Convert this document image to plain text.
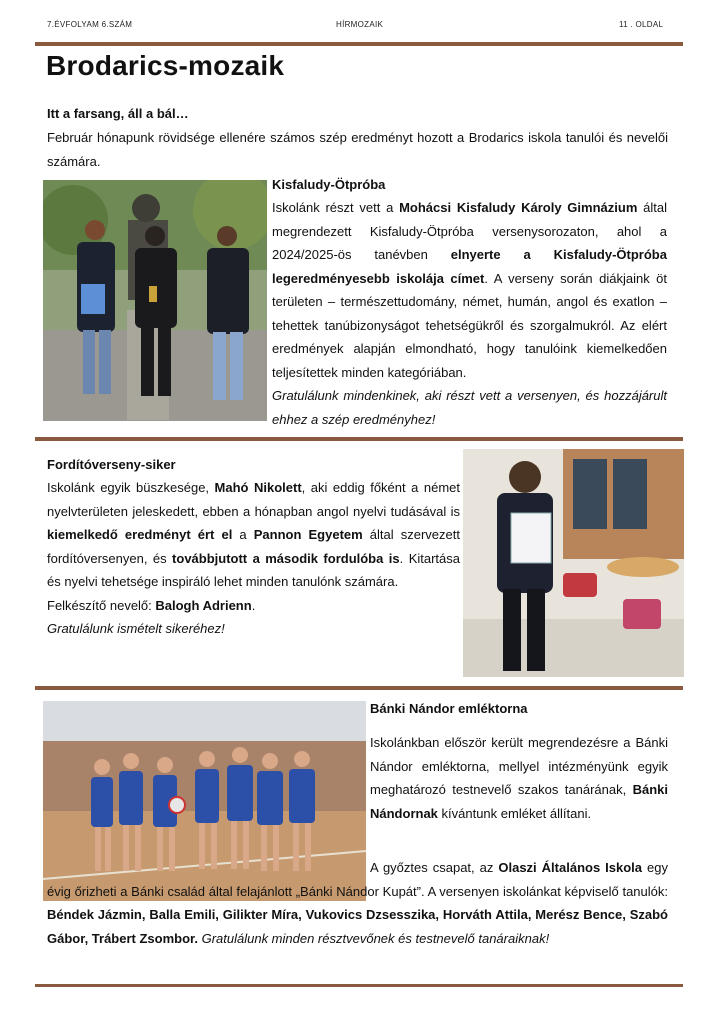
7.ÉVFOLYAM 6.SZÁM	HÍRMOZAIK	11 . OLDAL
Brodarics-mozaik
Itt a farsang, áll a bál…
Február hónapunk rövidsége ellenére számos szép eredményt hozott a Brodarics iskola tanulói és nevelői számára.
Kisfaludy-Ötpróba
Iskolánk részt vett a Mohácsi Kisfaludy Károly Gimnázium által megrendezett Kisfaludy-Ötpróba versenysorozaton, ahol a 2024/2025-ös tanévben elnyerte a Kisfaludy-Ötpróba legeredményesebb iskolája címet. A verseny során diákjaink öt területen – természettudomány, német, humán, angol és exatlon – tehettek tanúbizonyságot tehetségükről és szorgalmukról. Az elért eredmények alapján elmondható, hogy tanulóink kiemelkedően teljesítettek minden kategóriában.
Gratulálunk mindenkinek, aki részt vett a versenyen, és hozzájárult ehhez a szép eredményhez!
Fordítóverseny-siker
Iskolánk egyik büszkesége, Mahó Nikolett, aki eddig főként a német nyelvterületen jeleskedett, ebben a hónapban angol nyelvi tudásával is kiemelkedő eredményt ért el a Pannon Egyetem által szervezett fordítóversenyen, és továbbjutott a második fordulóba is. Kitartása és nyelvi tehetsége inspiráló lehet minden tanulónk számára.
Felkészítő nevelő: Balogh Adrienn.
Gratulálunk ismételt sikeréhez!
Bánki Nándor emléktorna
Iskolánkban először került megrendezésre a Bánki Nándor emléktorna, mellyel intézményünk egyik meghatározó testnevelő szakos tanárának, Bánki Nándornak kívántunk emléket állítani.
A győztes csapat, az Olaszi Általános Iskola egy évig őrizheti a Bánki család által felajánlott „Bánki Nándor Kupát”. A versenyen iskolánkat képviselő tanulók: Béndek Jázmin, Balla Emili, Gilikter Míra, Vukovics Dzsesszika, Horváth Attila, Merész Bence, Szabó Gábor, Trábert Zsombor. Gratulálunk minden résztvevőnek és testnevelő tanáraiknak!
